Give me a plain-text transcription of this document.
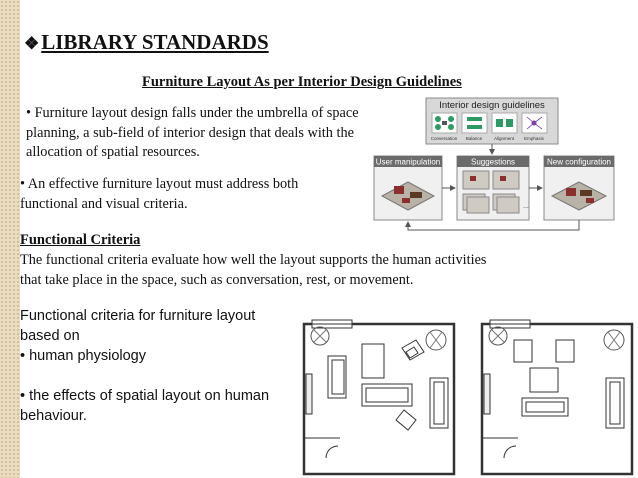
❖LIBRARY STANDARDS
Furniture Layout As per Interior Design Guidelines
• Furniture layout design falls under the umbrella of space planning, a sub-field of interior design that deals with the allocation of spatial resources.
• An effective furniture layout must address both functional and visual criteria.
Functional Criteria
The functional criteria evaluate how well the layout supports the human activities that take place in the space, such as conversation, rest, or movement.
Functional criteria for furniture layout
based on
• human physiology

• the effects of spatial layout on human
behaviour.
Interior design guidelines
Conversation Balance	Alignment Emphasis
User manipulation	Suggestions
...
New configuration
